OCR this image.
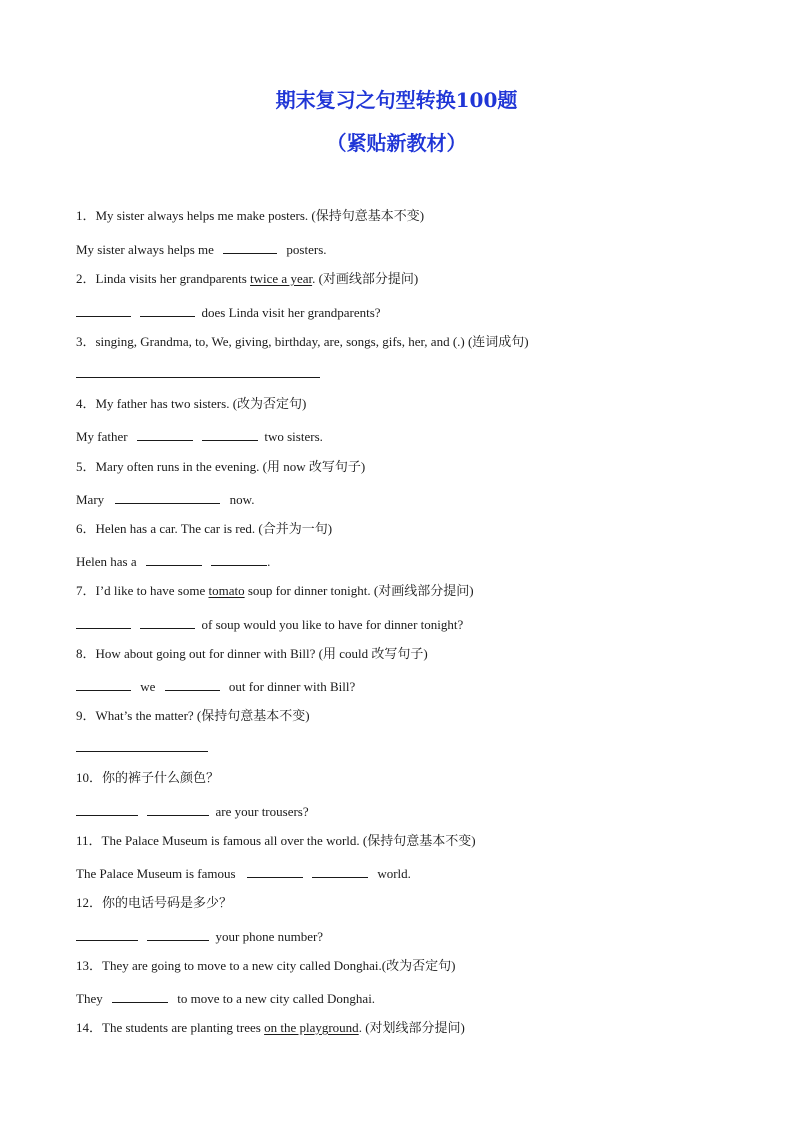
期末复习之句型转换100题
（紧贴新教材）
1．My sister always helps me make posters. (保持句意基本不变)
My sister always helps me	posters.
2．Linda visits her grandparents twice a year. (对画线部分提问)
does Linda visit her grandparents?
3．singing, Grandma, to, We, giving, birthday, are, songs, gifs, her, and (.) (连词成句)
4．My father has two sisters. (改为否定句)
My father	two sisters.
5．Mary often runs in the evening. (用 now 改写句子)
Mary	now.
6．Helen has a car. The car is red. (合并为一句)
Helen has a	.
7．I’d like to have some tomato soup for dinner tonight. (对画线部分提问)
of soup would you like to have for dinner tonight?
8．How about going out for dinner with Bill? (用 could 改写句子)
we	out for dinner with Bill?
9．What’s the matter? (保持句意基本不变)
10．你的裤子什么颜色？
are your trousers?
11．The Palace Museum is famous all over the world. (保持句意基本不变)
The Palace Museum is famous	world.
12．你的电话号码是多少？
your phone number?
13．They are going to move to a new city called Donghai.(改为否定句)
They	to move to a new city called Donghai.
14．The students are planting trees on the playground. (对划线部分提问)
